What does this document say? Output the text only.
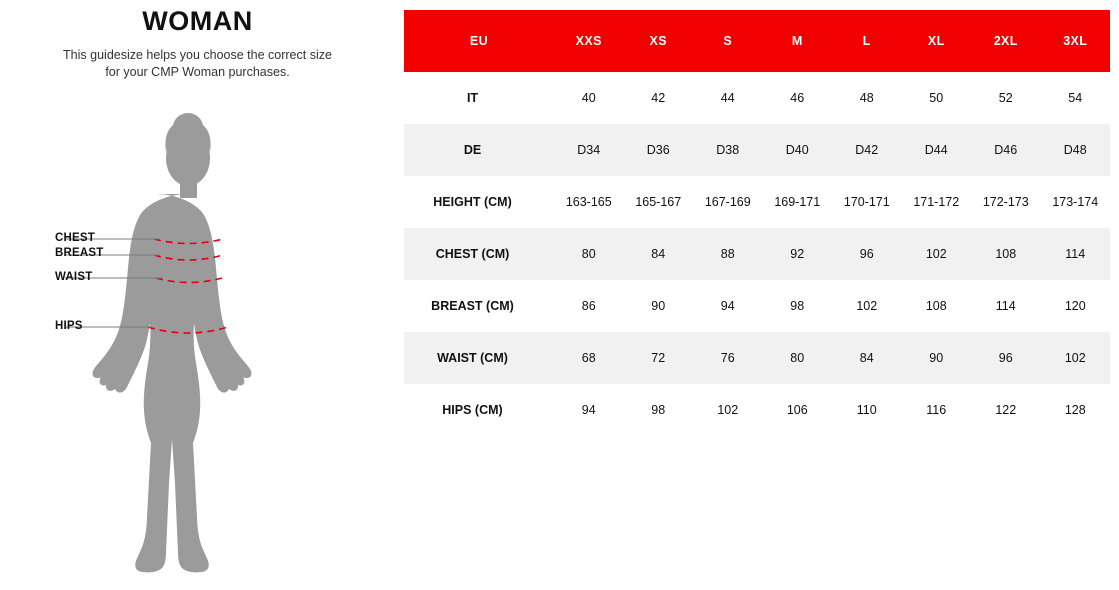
WOMAN
This guidesize helps you choose the correct size
for your CMP Woman purchases.
CHEST
BREAST
WAIST
HIPS
EU	XXS	XS	S	M	L	XL	2XL	3XL
IT	40	42	44	46	48	50	52	54
DE	D34	D36	D38	D40	D42	D44	D46	D48
HEIGHT (CM)	163-165	165-167	167-169	169-171	170-171	171-172	172-173	173-174
CHEST (CM)	80	84	88	92	96	102	108	114
BREAST (CM)	86	90	94	98	102	108	114	120
WAIST (CM)	68	72	76	80	84	90	96	102
HIPS (CM)	94	98	102	106	110	116	122	128
